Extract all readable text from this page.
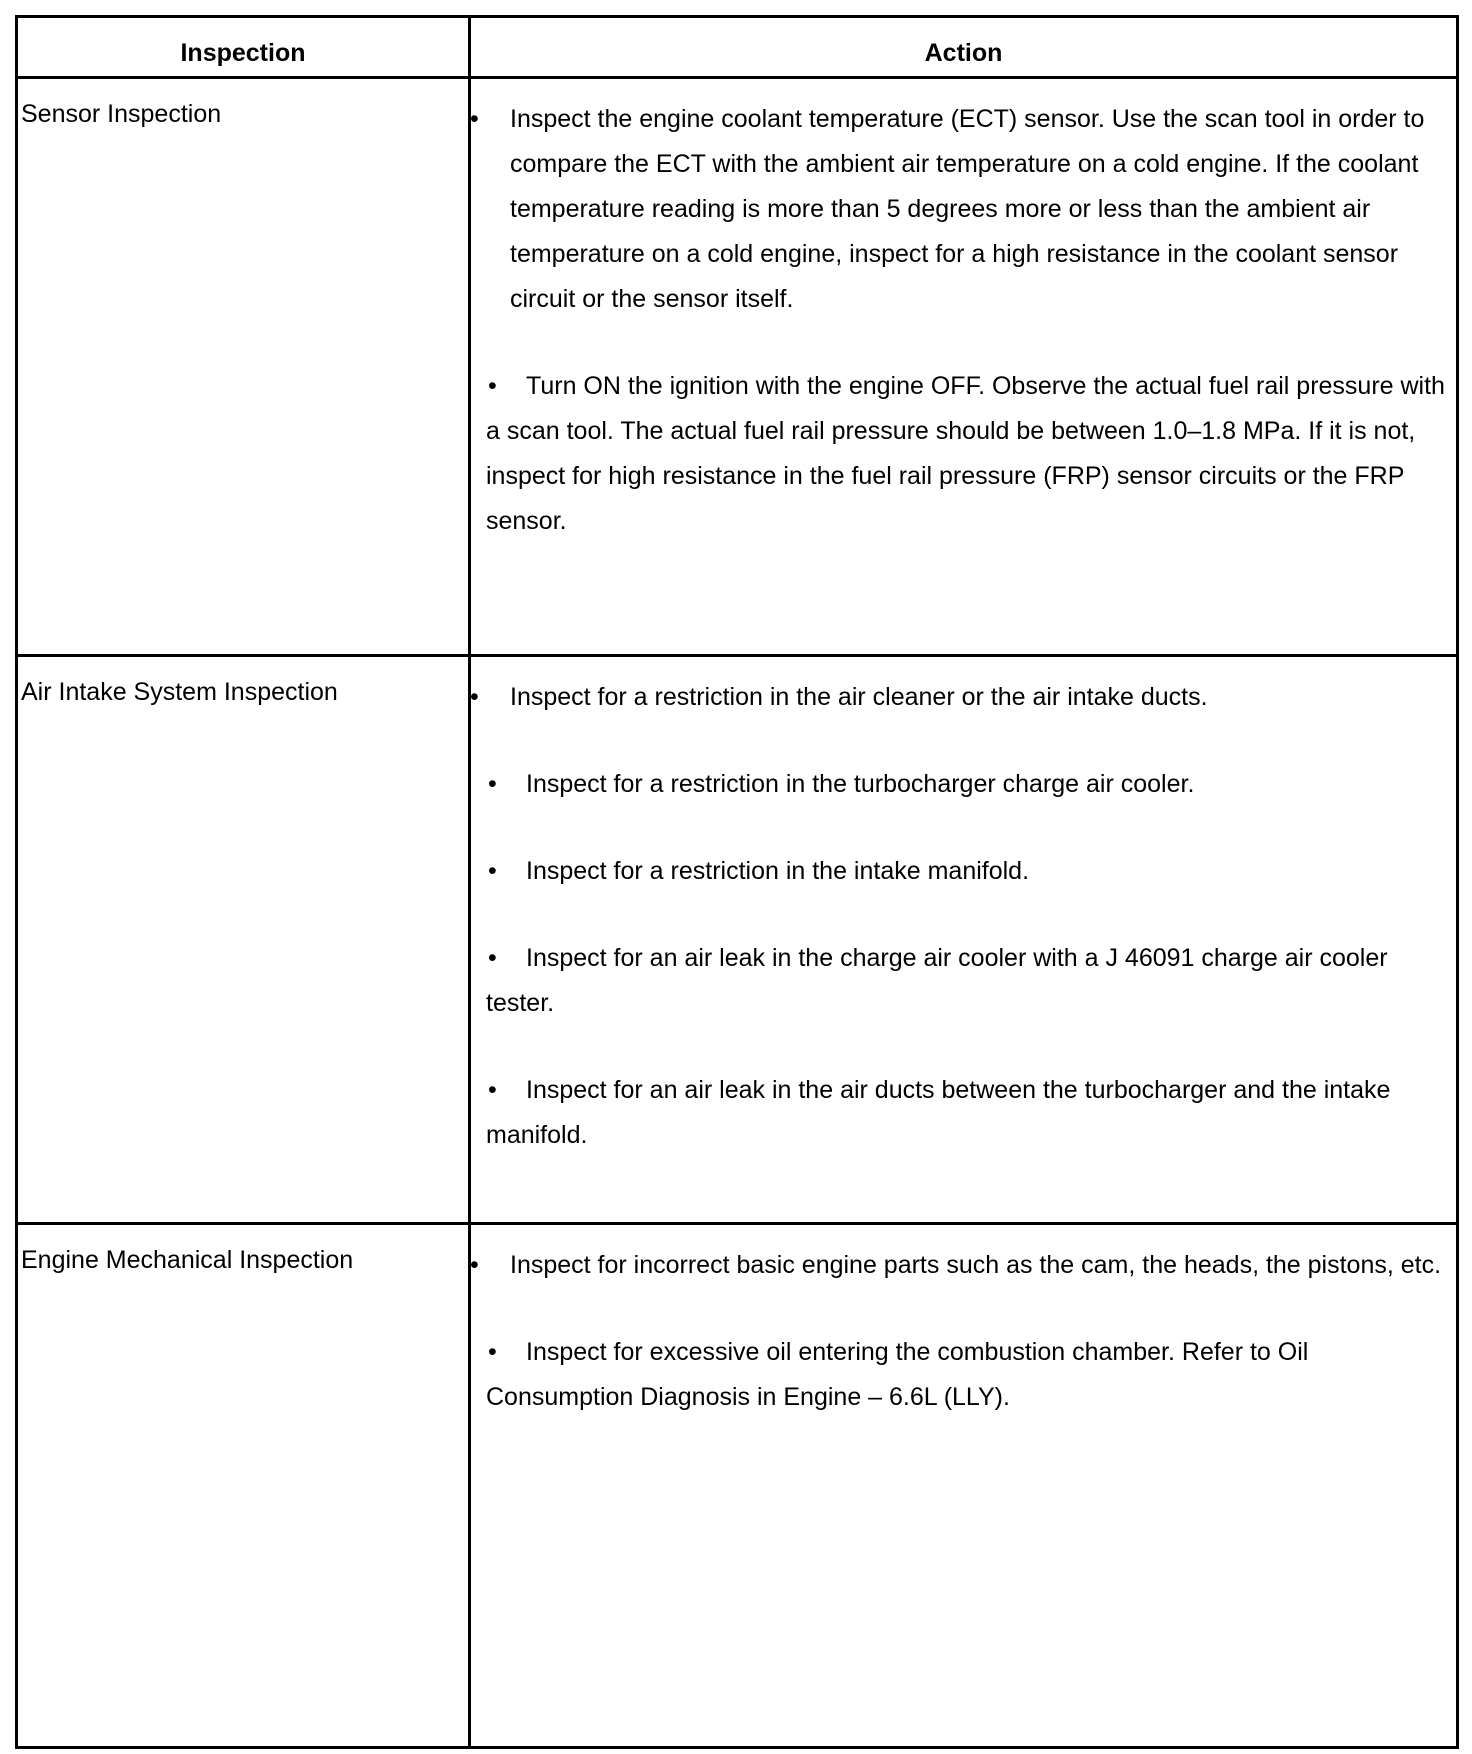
Inspection	Action
Sensor Inspection	• Inspect the engine coolant temperature (ECT) sensor. Use the scan tool in order to compare the ECT with the ambient air temperature on a cold engine. If the coolant temperature reading is more than 5 degrees more or less than the ambient air temperature on a cold engine, inspect for a high resistance in the coolant sensor circuit or the sensor itself.
• Turn ON the ignition with the engine OFF. Observe the actual fuel rail pressure with a scan tool. The actual fuel rail pressure should be between 1.0–1.8 MPa. If it is not, inspect for high resistance in the fuel rail pressure (FRP) sensor circuits or the FRP sensor.
Air Intake System Inspection	• Inspect for a restriction in the air cleaner or the air intake ducts.
• Inspect for a restriction in the turbocharger charge air cooler.
• Inspect for a restriction in the intake manifold.
• Inspect for an air leak in the charge air cooler with a J 46091 charge air cooler tester.
• Inspect for an air leak in the air ducts between the turbocharger and the intake manifold.
Engine Mechanical Inspection	• Inspect for incorrect basic engine parts such as the cam, the heads, the pistons, etc.
• Inspect for excessive oil entering the combustion chamber. Refer to Oil Consumption Diagnosis in Engine – 6.6L (LLY).
